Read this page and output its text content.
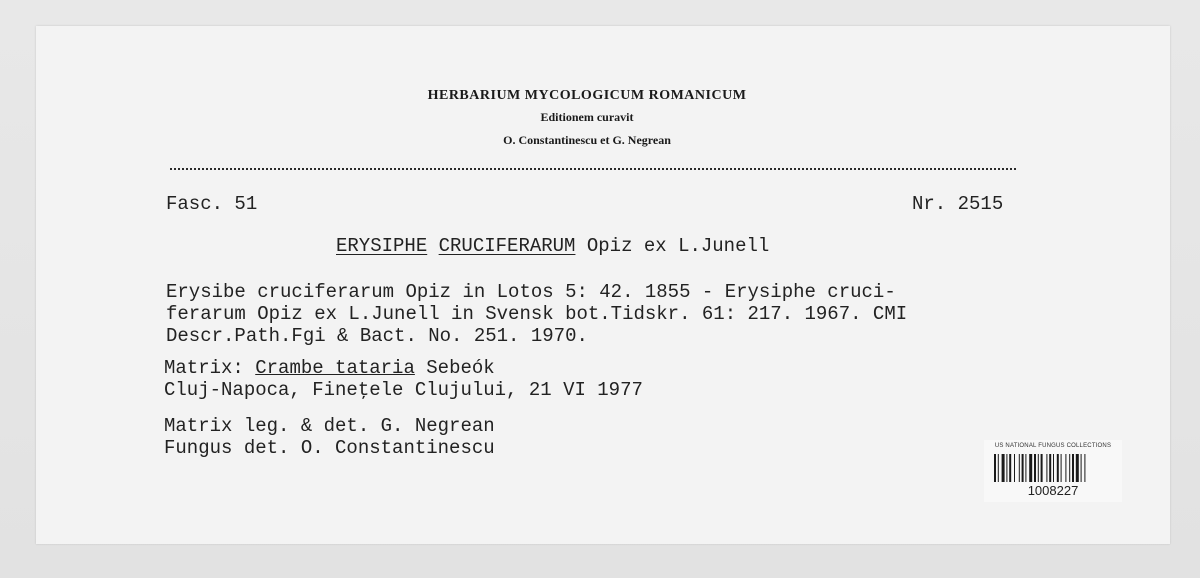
HERBARIUM MYCOLOGICUM ROMANICUM
Editionem curavit
O. Constantinescu et G. Negrean
Fasc. 51	Nr. 2515
ERYSIPHE CRUCIFERARUM Opiz ex L.Junell
Erysibe cruciferarum Opiz in Lotos 5: 42. 1855 - Erysiphe cruci-
ferarum Opiz ex L.Junell in Svensk bot.Tidskr. 61: 217. 1967. CMI
Descr.Path.Fgi & Bact. No. 251. 1970.
Matrix: Crambe tataria Sebeók
Cluj-Napoca, Fineţele Clujului, 21 VI 1977
Matrix leg. & det. G. Negrean
Fungus det. O. Constantinescu	US NATIONAL FUNGUS COLLECTIONS
1008227
